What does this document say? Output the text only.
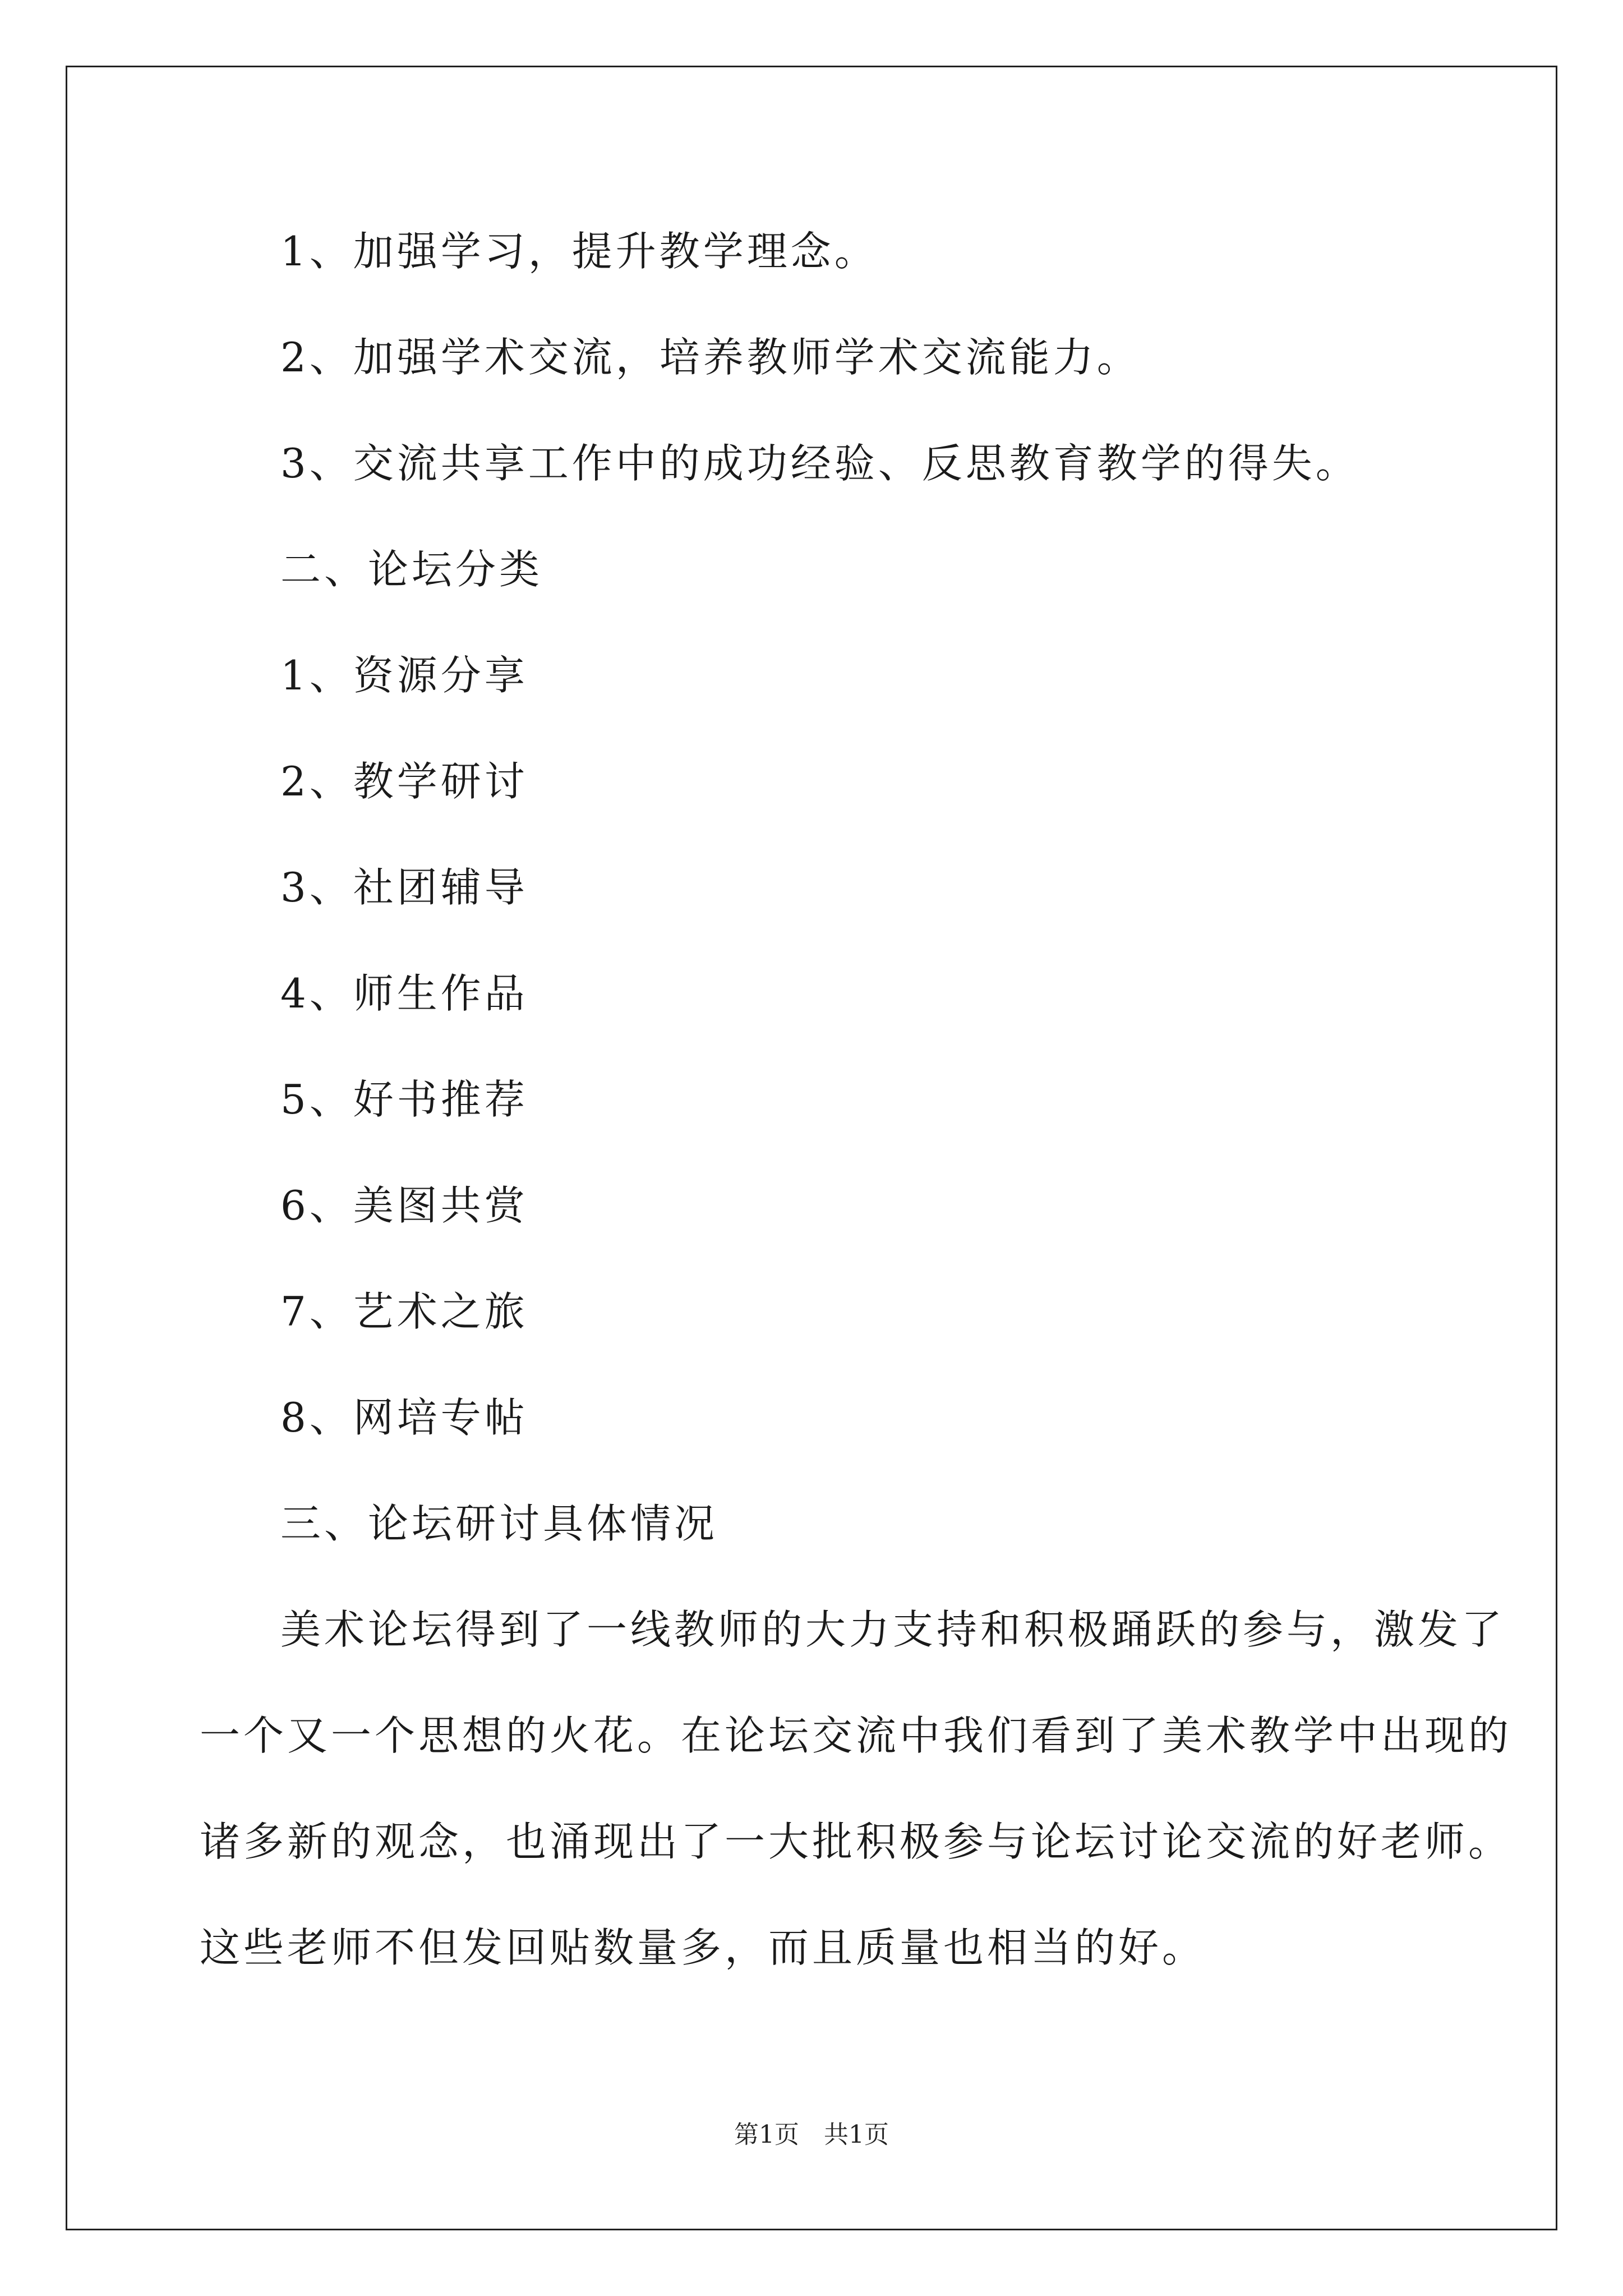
1、加强学习，提升教学理念。
2、加强学术交流，培养教师学术交流能力。
3、交流共享工作中的成功经验、反思教育教学的得失。
二、论坛分类
1、资源分享
2、教学研讨
3、社团辅导
4、师生作品
5、好书推荐
6、美图共赏
7、艺术之旅
8、网培专帖
三、论坛研讨具体情况
美术论坛得到了一线教师的大力支持和积极踊跃的参与，激发了
一个又一个思想的火花。在论坛交流中我们看到了美术教学中出现的
诸多新的观念，也涌现出了一大批积极参与论坛讨论交流的好老师。
这些老师不但发回贴数量多，而且质量也相当的好。
第1页　共1页
